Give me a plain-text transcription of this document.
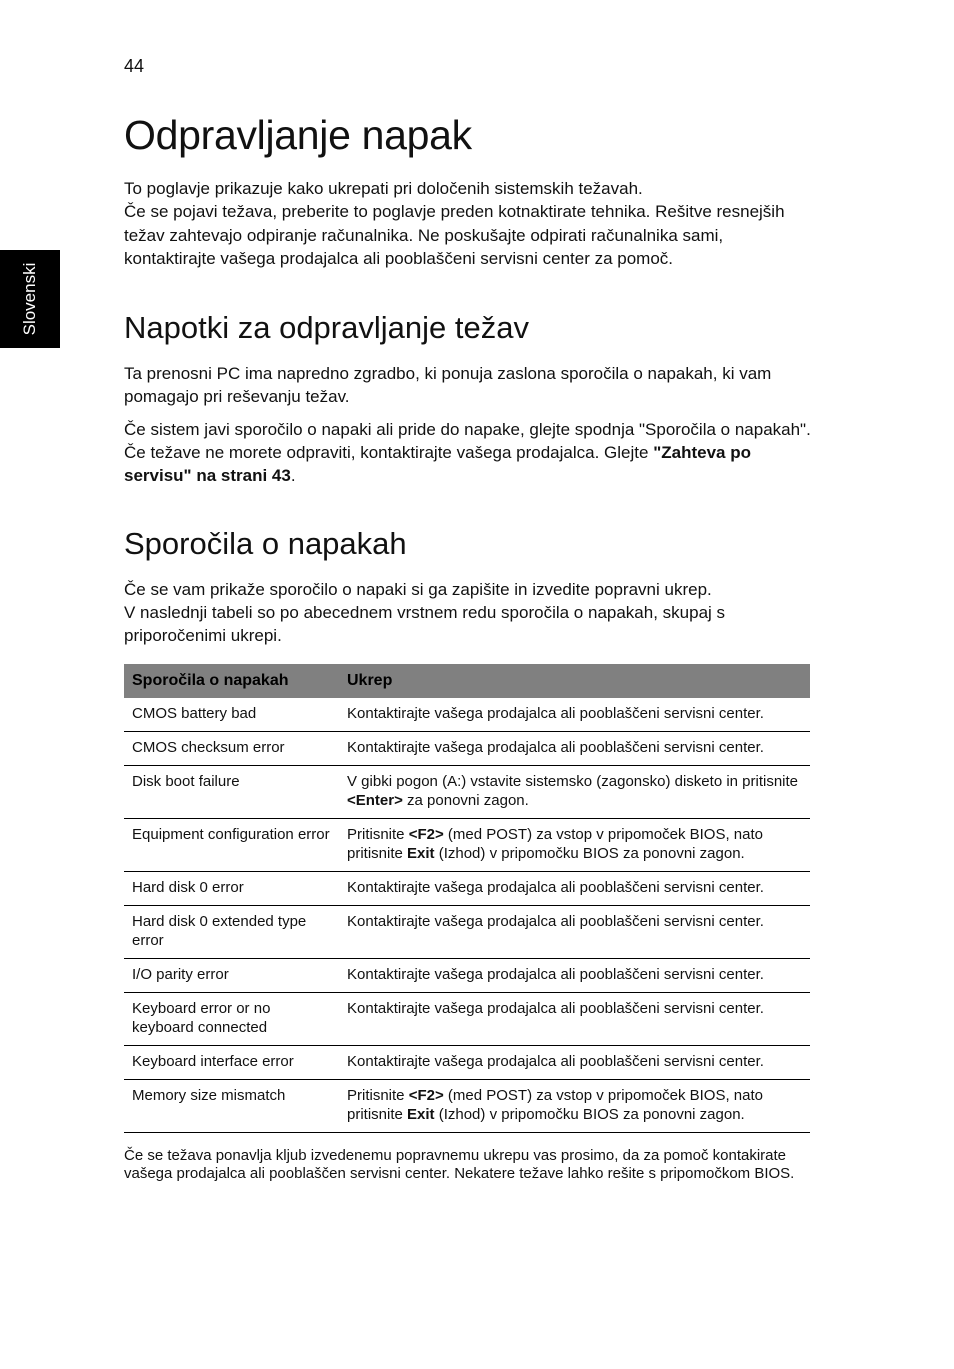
44
Slovenski
Odpravljanje napak

To poglavje prikazuje kako ukrepati pri določenih sistemskih težavah.

Če se pojavi težava, preberite to poglavje preden kotnaktirate tehnika. Rešitve resnejših težav zahtevajo odpiranje računalnika. Ne poskušajte odpirati računalnika sami, kontaktirajte vašega prodajalca ali pooblaščeni servisni center za pomoč.

Napotki za odpravljanje težav

Ta prenosni PC ima napredno zgradbo, ki ponuja zaslona sporočila o napakah, ki vam pomagajo pri reševanju težav.

Če sistem javi sporočilo o napaki ali pride do napake, glejte spodnja "Sporočila o napakah". Če težave ne morete odpraviti, kontaktirajte vašega prodajalca. Glejte "Zahteva po servisu" na strani 43.

Sporočila o napakah

Če se vam prikaže sporočilo o napaki si ga zapišite in izvedite popravni ukrep.

V naslednji tabeli so po abecednem vrstnem redu sporočila o napakah, skupaj s priporočenimi ukrepi.

Sporočila o napakah	Ukrep
CMOS battery bad	Kontaktirajte vašega prodajalca ali pooblaščeni servisni center.
CMOS checksum error	Kontaktirajte vašega prodajalca ali pooblaščeni servisni center.
Disk boot failure	V gibki pogon (A:) vstavite sistemsko (zagonsko) disketo in pritisnite <Enter> za ponovni zagon.
Equipment configuration error	Pritisnite <F2> (med POST) za vstop v pripomoček BIOS, nato pritisnite Exit (Izhod) v pripomočku BIOS za ponovni zagon.
Hard disk 0 error	Kontaktirajte vašega prodajalca ali pooblaščeni servisni center.
Hard disk 0 extended type error	Kontaktirajte vašega prodajalca ali pooblaščeni servisni center.
I/O parity error	Kontaktirajte vašega prodajalca ali pooblaščeni servisni center.
Keyboard error or no keyboard connected	Kontaktirajte vašega prodajalca ali pooblaščeni servisni center.
Keyboard interface error	Kontaktirajte vašega prodajalca ali pooblaščeni servisni center.
Memory size mismatch	Pritisnite <F2> (med POST) za vstop v pripomoček BIOS, nato pritisnite Exit (Izhod) v pripomočku BIOS za ponovni zagon.

Če se težava ponavlja kljub izvedenemu popravnemu ukrepu vas prosimo, da za pomoč kontakirate vašega prodajalca ali pooblaščen servisni center. Nekatere težave lahko rešite s pripomočkom BIOS.
